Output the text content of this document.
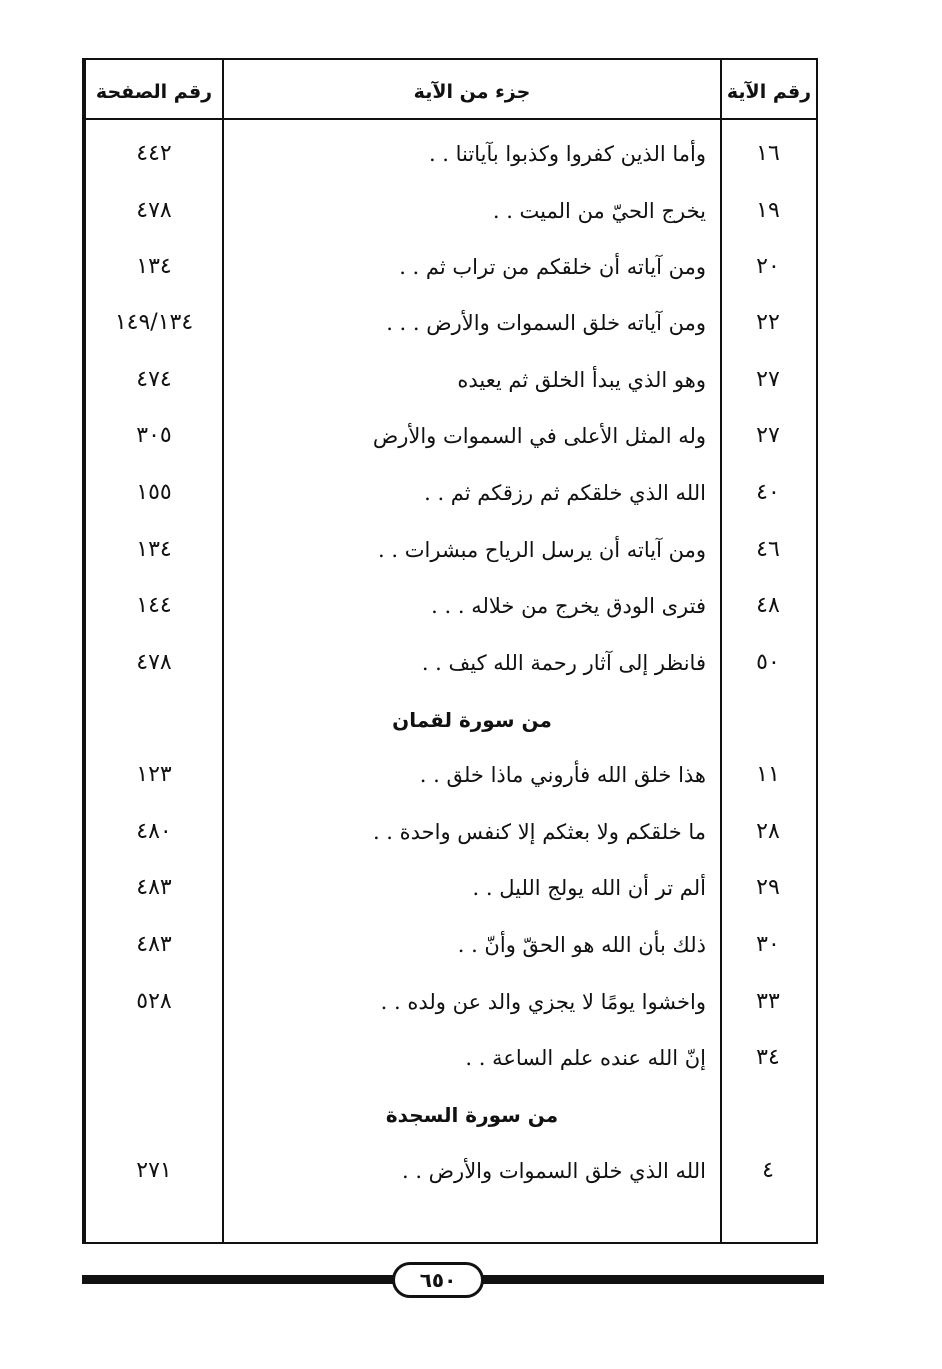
رقم الآية
جزء من الآية
رقم الصفحة
١٦
وأما الذين كفروا وكذبوا بآياتنا . .
٤٤٢
١٩
يخرج الحيّ من الميت . .
٤٧٨
٢٠
ومن آياته أن خلقكم من تراب ثم . .
١٣٤
٢٢
ومن آياته خلق السموات والأرض . . .
١٤٩/١٣٤
٢٧
وهو الذي يبدأ الخلق ثم يعيده
٤٧٤
٢٧
وله المثل الأعلى في السموات والأرض
٣٠٥
٤٠
الله الذي خلقكم ثم رزقكم ثم . .
١٥٥
٤٦
ومن آياته أن يرسل الرياح مبشرات . .
١٣٤
٤٨
فترى الودق يخرج من خلاله . . .
١٤٤
٥٠
فانظر إلى آثار رحمة الله كيف . .
٤٧٨
من سورة لقمان
١١
هذا خلق الله فأروني ماذا خلق . .
١٢٣
٢٨
ما خلقكم ولا بعثكم إلا كنفس واحدة . .
٤٨٠
٢٩
ألم تر أن الله يولج الليل . .
٤٨٣
٣٠
ذلك بأن الله هو الحقّ وأنّ . .
٤٨٣
٣٣
واخشوا يومًا لا يجزي والد عن ولده . .
٥٢٨
٣٤
إنّ الله عنده علم الساعة . .
من سورة السجدة
٤
الله الذي خلق السموات والأرض . .
٢٧١
٦٥٠
